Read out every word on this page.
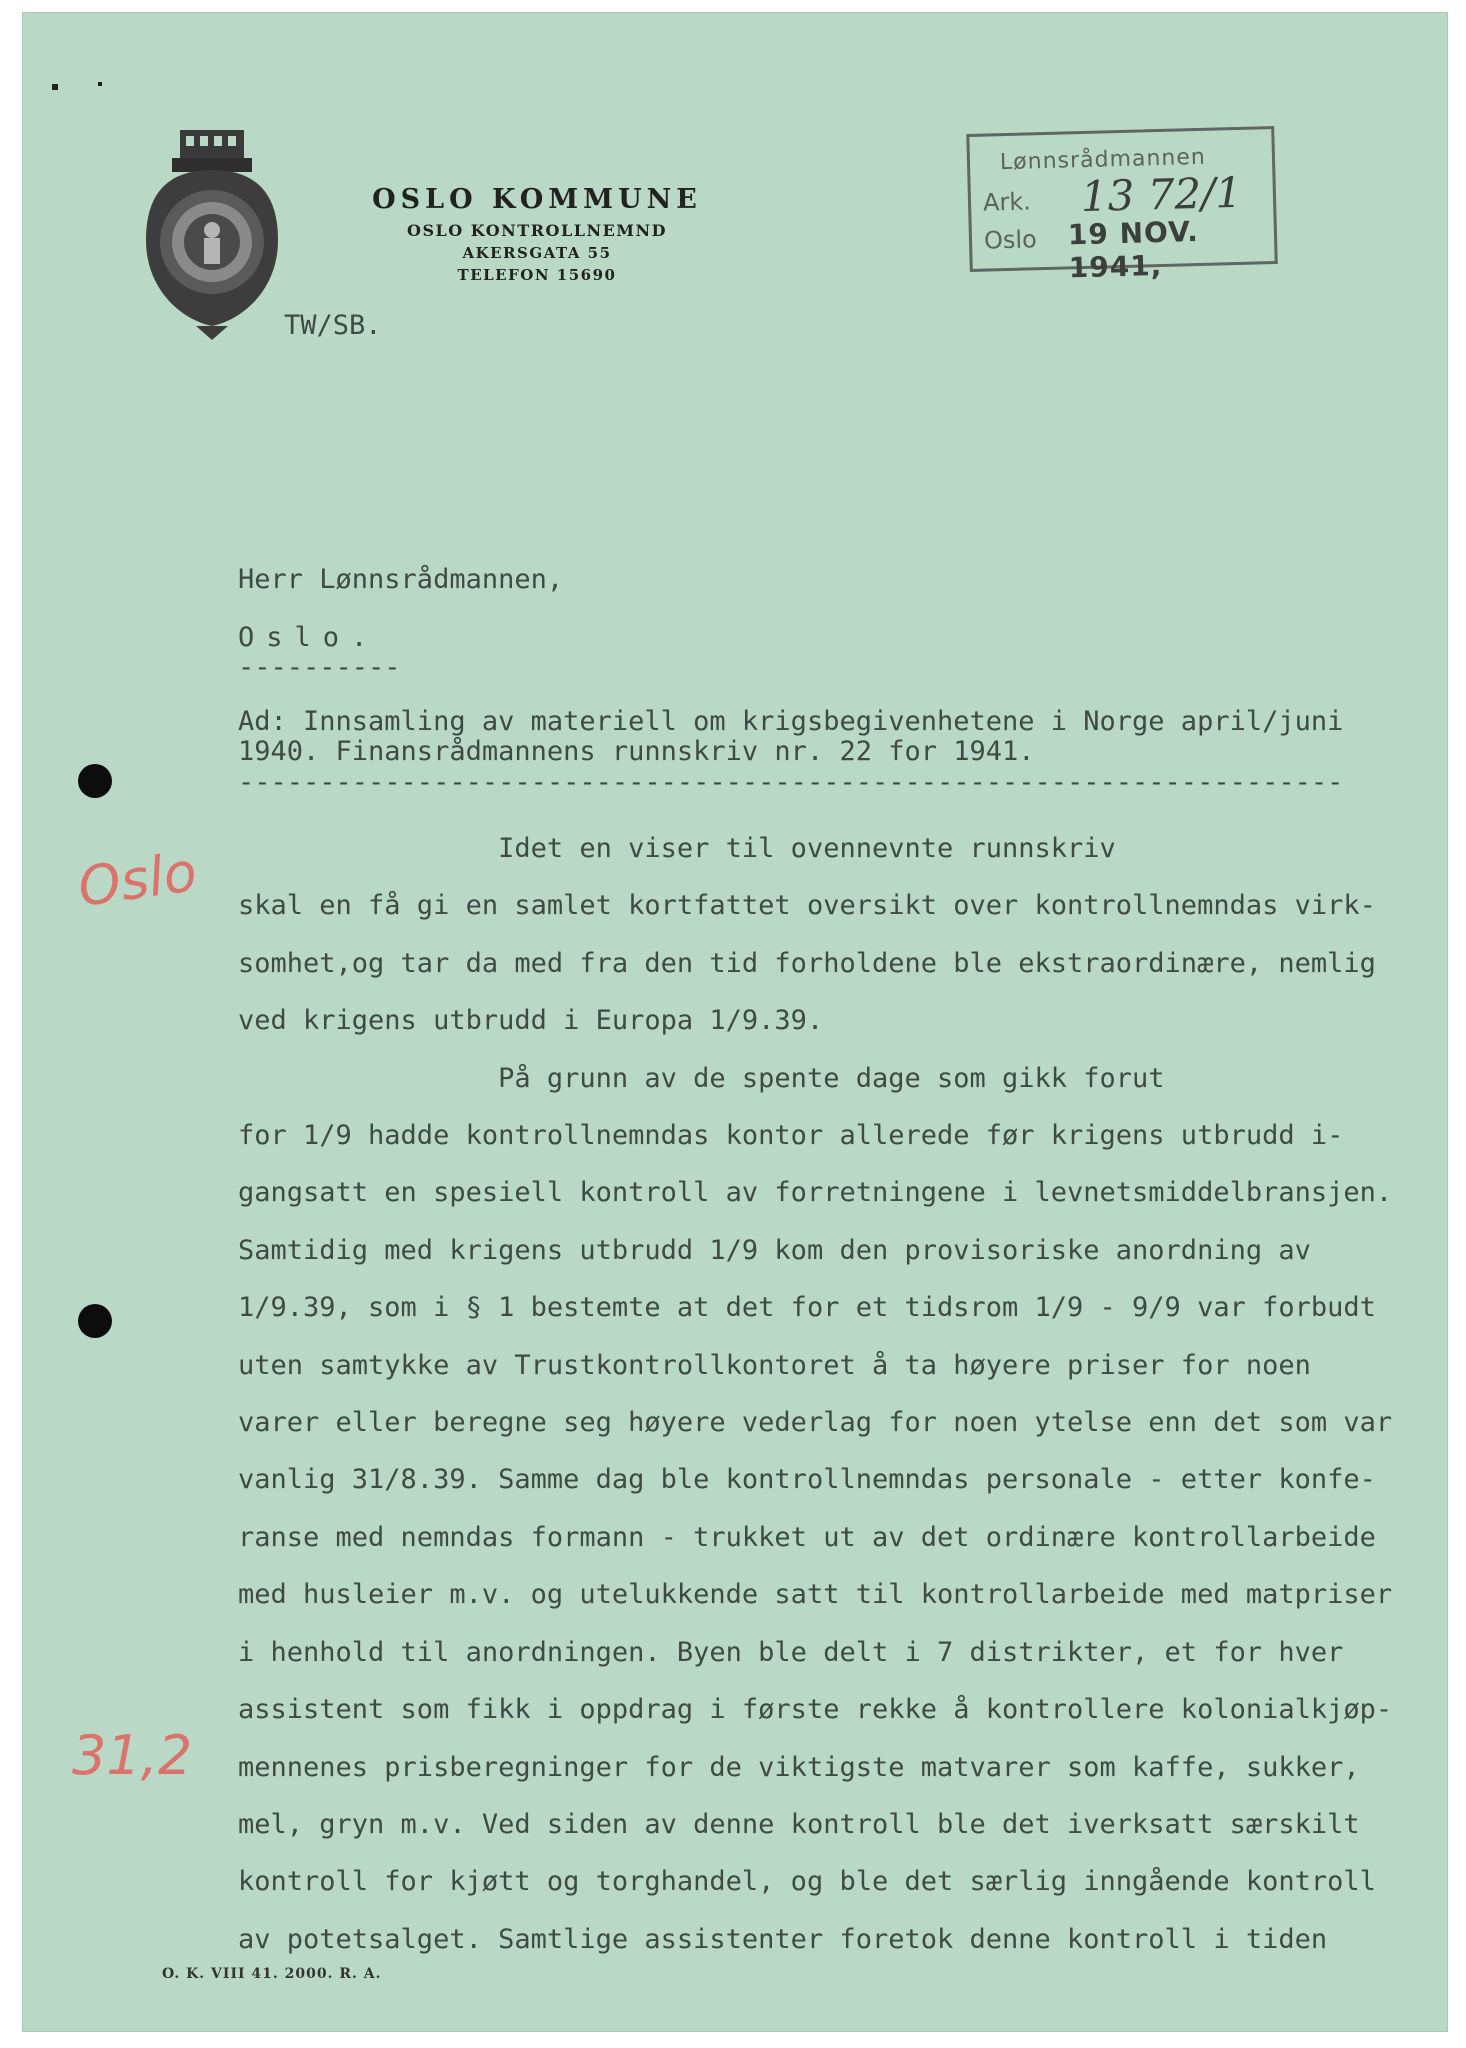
OSLO KOMMUNE
OSLO KONTROLLNEMND
AKERSGATA 55
TELEFON 15690
TW/SB.
Lønnsrådmannen
Ark. 13 72/1
Oslo 19 NOV. 1941,
Herr Lønnsrådmannen,
Oslo.
----------
Ad: Innsamling av materiell om krigsbegivenhetene i Norge april/juni
1940. Finansrådmannens runnskriv nr. 22 for 1941.
--------------------------------------------------------------------
Idet en viser til ovennevnte runnskriv
skal en få gi en samlet kortfattet oversikt over kontrollnemndas virk-
somhet,og tar da med fra den tid forholdene ble ekstraordinære, nemlig
ved krigens utbrudd i Europa 1/9.39.
På grunn av de spente dage som gikk forut
for 1/9 hadde kontrollnemndas kontor allerede før krigens utbrudd i-
gangsatt en spesiell kontroll av forretningene i levnetsmiddelbransjen.
Samtidig med krigens utbrudd 1/9 kom den provisoriske anordning av
1/9.39, som i § 1 bestemte at det for et tidsrom 1/9 - 9/9 var forbudt
uten samtykke av Trustkontrollkontoret å ta høyere priser for noen
varer eller beregne seg høyere vederlag for noen ytelse enn det som var
vanlig 31/8.39. Samme dag ble kontrollnemndas personale - etter konfe-
ranse med nemndas formann - trukket ut av det ordinære kontrollarbeide
med husleier m.v. og utelukkende satt til kontrollarbeide med matpriser
i henhold til anordningen. Byen ble delt i 7 distrikter, et for hver
assistent som fikk i oppdrag i første rekke å kontrollere kolonialkjøp-
mennenes prisberegninger for de viktigste matvarer som kaffe, sukker,
mel, gryn m.v. Ved siden av denne kontroll ble det iverksatt særskilt
kontroll for kjøtt og torghandel, og ble det særlig inngående kontroll
av potetsalget. Samtlige assistenter foretok denne kontroll i tiden
Oslo
31,2
O. K. VIII 41. 2000. R. A.
